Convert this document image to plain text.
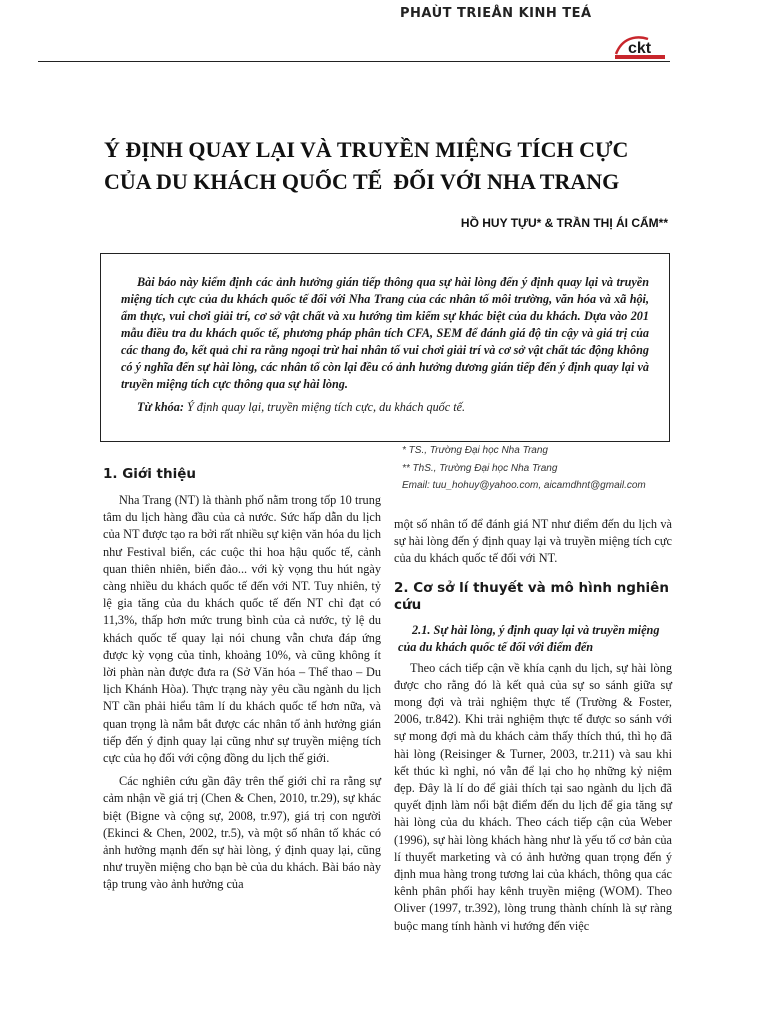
PHAÙT TRIEÅN KINH TEÁ
ckt
Ý ĐỊNH QUAY LẠI VÀ TRUYỀN MIỆNG TÍCH CỰC
CỦA DU KHÁCH QUỐC TẾ  ĐỐI VỚI NHA TRANG
HỒ HUY TỰU* & TRẦN THỊ ÁI CẨM**

Bài báo này kiểm định các ảnh hưởng gián tiếp thông qua sự hài lòng đến ý định quay lại và truyền miệng tích cực của du khách quốc tế đối với Nha Trang của các nhân tố môi trường, văn hóa và xã hội, ẩm thực, vui chơi giải trí, cơ sở vật chất và xu hướng tìm kiếm sự khác biệt của du khách. Dựa vào 201 mẫu điều tra du khách quốc tế, phương pháp phân tích CFA, SEM để đánh giá độ tin cậy và giá trị của các thang đo, kết quả chỉ ra rằng ngoại trừ hai nhân tố vui chơi giải trí và cơ sở vật chất tác động không có ý nghĩa đến sự hài lòng, các nhân tố còn lại đều có ảnh hưởng dương gián tiếp đến ý định quay lại và truyền miệng tích cực thông qua sự hài lòng.

Từ khóa: Ý định quay lại, truyền miệng tích cực, du khách quốc tế.

* TS., Trường Đại học Nha Trang
** ThS., Trường Đại học Nha Trang
Email: tuu_hohuy@yahoo.com, aicamdhnt@gmail.com
1. Giới thiệu

Nha Trang (NT) là thành phố nằm trong tốp 10 trung tâm du lịch hàng đầu của cả nước. Sức hấp dẫn du lịch của NT được tạo ra bởi rất nhiều sự kiện văn hóa du lịch như Festival biển, các cuộc thi hoa hậu quốc tế, cảnh quan thiên nhiên, biển đảo... với kỳ vọng thu hút ngày càng nhiều du khách quốc tế đến với NT. Tuy nhiên, tỷ lệ gia tăng của du khách quốc tế đến NT chỉ đạt có 11,3%, thấp hơn mức trung bình của cả nước, tỷ lệ du khách quốc tế quay lại nói chung vẫn chưa đáp ứng được kỳ vọng của tỉnh, khoảng 10%, và cũng không ít lời phàn nàn được đưa ra (Sở Văn hóa – Thể thao – Du lịch Khánh Hòa). Thực trạng này yêu cầu ngành du lịch NT cần phải hiểu tâm lí du khách quốc tế hơn nữa, và quan trọng là nắm bắt được các nhân tố ảnh hưởng gián tiếp đến ý định quay lại cũng như sự truyền miệng tích cực của họ đối với cộng đồng du lịch thế giới.

Các nghiên cứu gần đây trên thế giới chỉ ra rằng sự cảm nhận về giá trị (Chen & Chen, 2010, tr.29), sự khác biệt (Bigne và cộng sự, 2008, tr.97), giá trị con người (Ekinci & Chen, 2002, tr.5), và một số nhân tố khác có ảnh hưởng mạnh đến sự hài lòng, ý định quay lại, cũng như truyền miệng cho bạn bè của du khách. Bài báo này tập trung vào ảnh hưởng của

một số nhân tố để đánh giá NT như điểm đến du lịch và sự hài lòng đến ý định quay lại và truyền miệng tích cực của du khách quốc tế đối với NT.

2. Cơ sở lí thuyết và mô hình nghiên cứu
2.1. Sự hài lòng, ý định quay lại và truyền miệng của du khách quốc tế đối với điểm đến

Theo cách tiếp cận về khía cạnh du lịch, sự hài lòng được cho rằng đó là kết quả của sự so sánh giữa sự mong đợi và trải nghiệm thực tế (Trường & Foster, 2006, tr.842). Khi trải nghiệm thực tế được so sánh với sự mong đợi mà du khách cảm thấy thích thú, thì họ đã hài lòng (Reisinger & Turner, 2003, tr.211) và sau khi kết thúc kì nghỉ, nó vẫn để lại cho họ những kỷ niệm đẹp. Đây là lí do để giải thích tại sao ngành du lịch đã quyết định làm nổi bật điểm đến du lịch để gia tăng sự hài lòng của du khách. Theo cách tiếp cận của Weber (1996), sự hài lòng khách hàng như là yếu tố cơ bản của lí thuyết marketing và có ảnh hưởng quan trọng đến ý định mua hàng trong tương lai của khách, thông qua các kênh phân phối hay kênh truyền miệng (WOM). Theo Oliver (1997, tr.392), lòng trung thành chính là sự ràng buộc mang tính hành vi hướng đến việc
